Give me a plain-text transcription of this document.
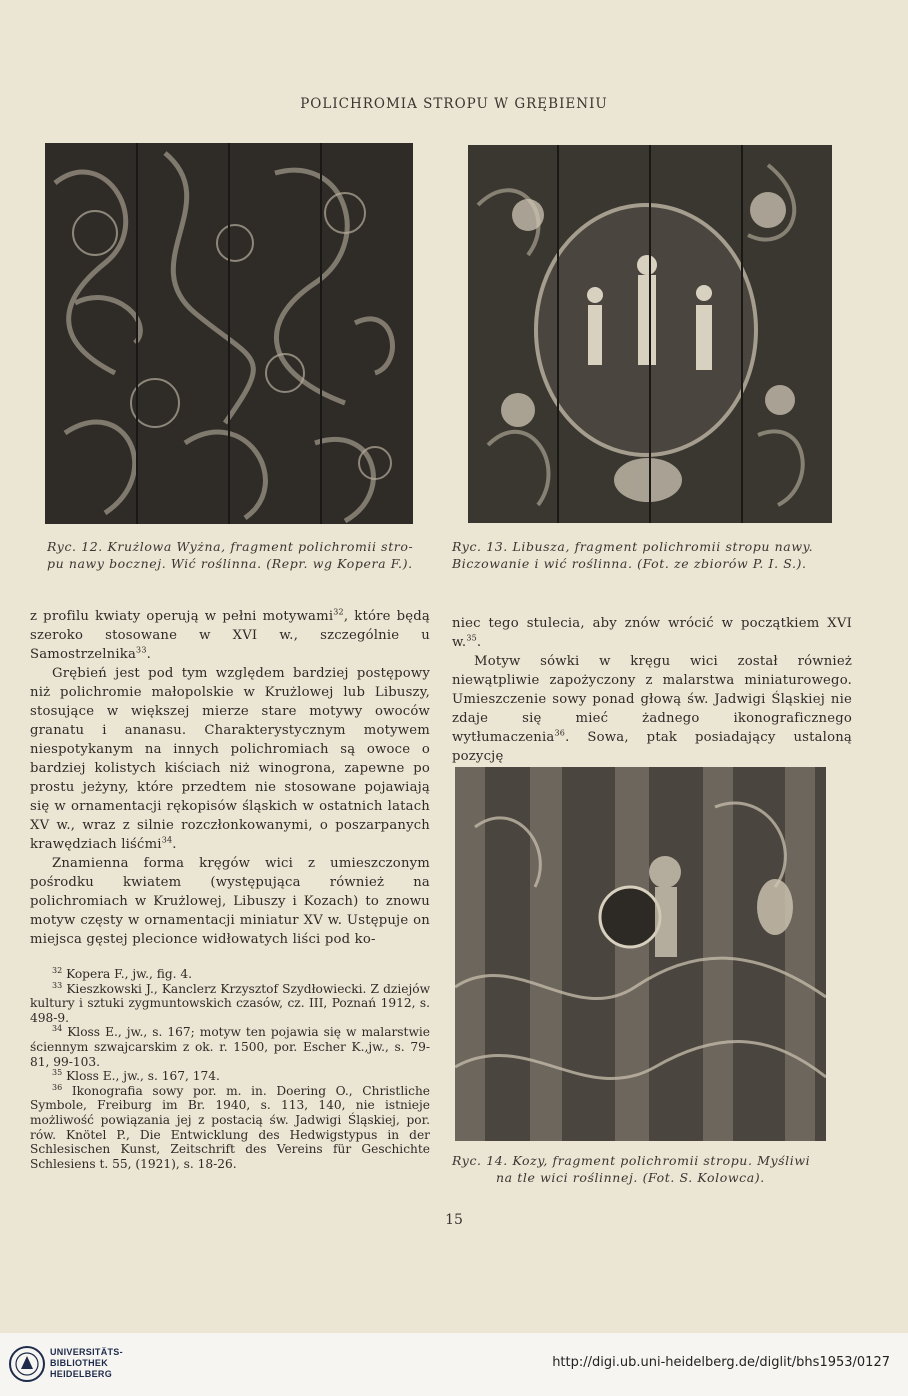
POLICHROMIA STROPU W GRĘBIENIU
Ryc. 12. Krużlowa Wyżna, fragment polichromii stro-
pu nawy bocznej. Wić roślinna. (Repr. wg Kopera F.).
Ryc. 13. Libusza, fragment polichromii stropu nawy.
Biczowanie i wić roślinna. (Fot. ze zbiorów P. I. S.).

z profilu kwiaty operują w pełni motywami$^{32}$, które będą szeroko stosowane w XVI w., szczególnie u Samostrzelnika$^{33}$.

Grębień jest pod tym względem bardziej postępowy niż polichromie małopolskie w Krużlowej lub Libuszy, stosujące w większej mierze stare motywy owoców granatu i ananasu. Charakterystycznym motywem niespotykanym na innych polichromiach są owoce o bardziej kolistych kiściach niż winogrona, zapewne po prostu jeżyny, które przedtem nie stosowane pojawiają się w ornamentacji rękopisów śląskich w ostatnich latach XV w., wraz z silnie rozczłonkowanymi, o poszarpanych krawędziach liśćmi$^{34}$.

Znamienna forma kręgów wici z umieszczonym pośrodku kwiatem (występująca również na polichromiach w Krużlowej, Libuszy i Kozach) to znowu motyw częsty w ornamentacji miniatur XV w. Ustępuje on miejsca gęstej plecionce widłowatych liści pod ko-

niec tego stulecia, aby znów wrócić w początkiem XVI w.$^{35}$.

Motyw sówki w kręgu wici został również niewątpliwie zapożyczony z malarstwa miniaturowego. Umieszczenie sowy ponad głową św. Jadwigi Śląskiej nie zdaje się mieć żadnego ikonograficznego wytłumaczenia$^{36}$. Sowa, ptak posiadający ustaloną pozycję

Ryc. 14. Kozy, fragment polichromii stropu. Myśliwi
na tle wici roślinnej. (Fot. S. Kolowca).

$^{32}$ Kopera F., jw., fig. 4.

$^{33}$ Kieszkowski J., Kanclerz Krzysztof Szydłowiecki. Z dziejów kultury i sztuki zygmuntowskich czasów, cz. III, Poznań 1912, s. 498-9.

$^{34}$ Kloss E., jw., s. 167; motyw ten pojawia się w malarstwie ściennym szwajcarskim z ok. r. 1500, por. Escher K.,jw., s. 79-81, 99-103.

$^{35}$ Kloss E., jw., s. 167, 174.

$^{36}$ Ikonografia sowy por. m. in. Doering O., Christliche Symbole, Freiburg im Br. 1940, s. 113, 140, nie istnieje możliwość powiązania jej z postacią św. Jadwigi Śląskiej, por. rów. Knötel P., Die Entwicklung des Hedwigstypus in der Schlesischen Kunst, Zeitschrift des Vereins für Geschichte Schlesiens t. 55, (1921), s. 18-26.

15
UNIVERSITÄTS-
BIBLIOTHEK
HEIDELBERG
http://digi.ub.uni-heidelberg.de/diglit/bhs1953/0127
